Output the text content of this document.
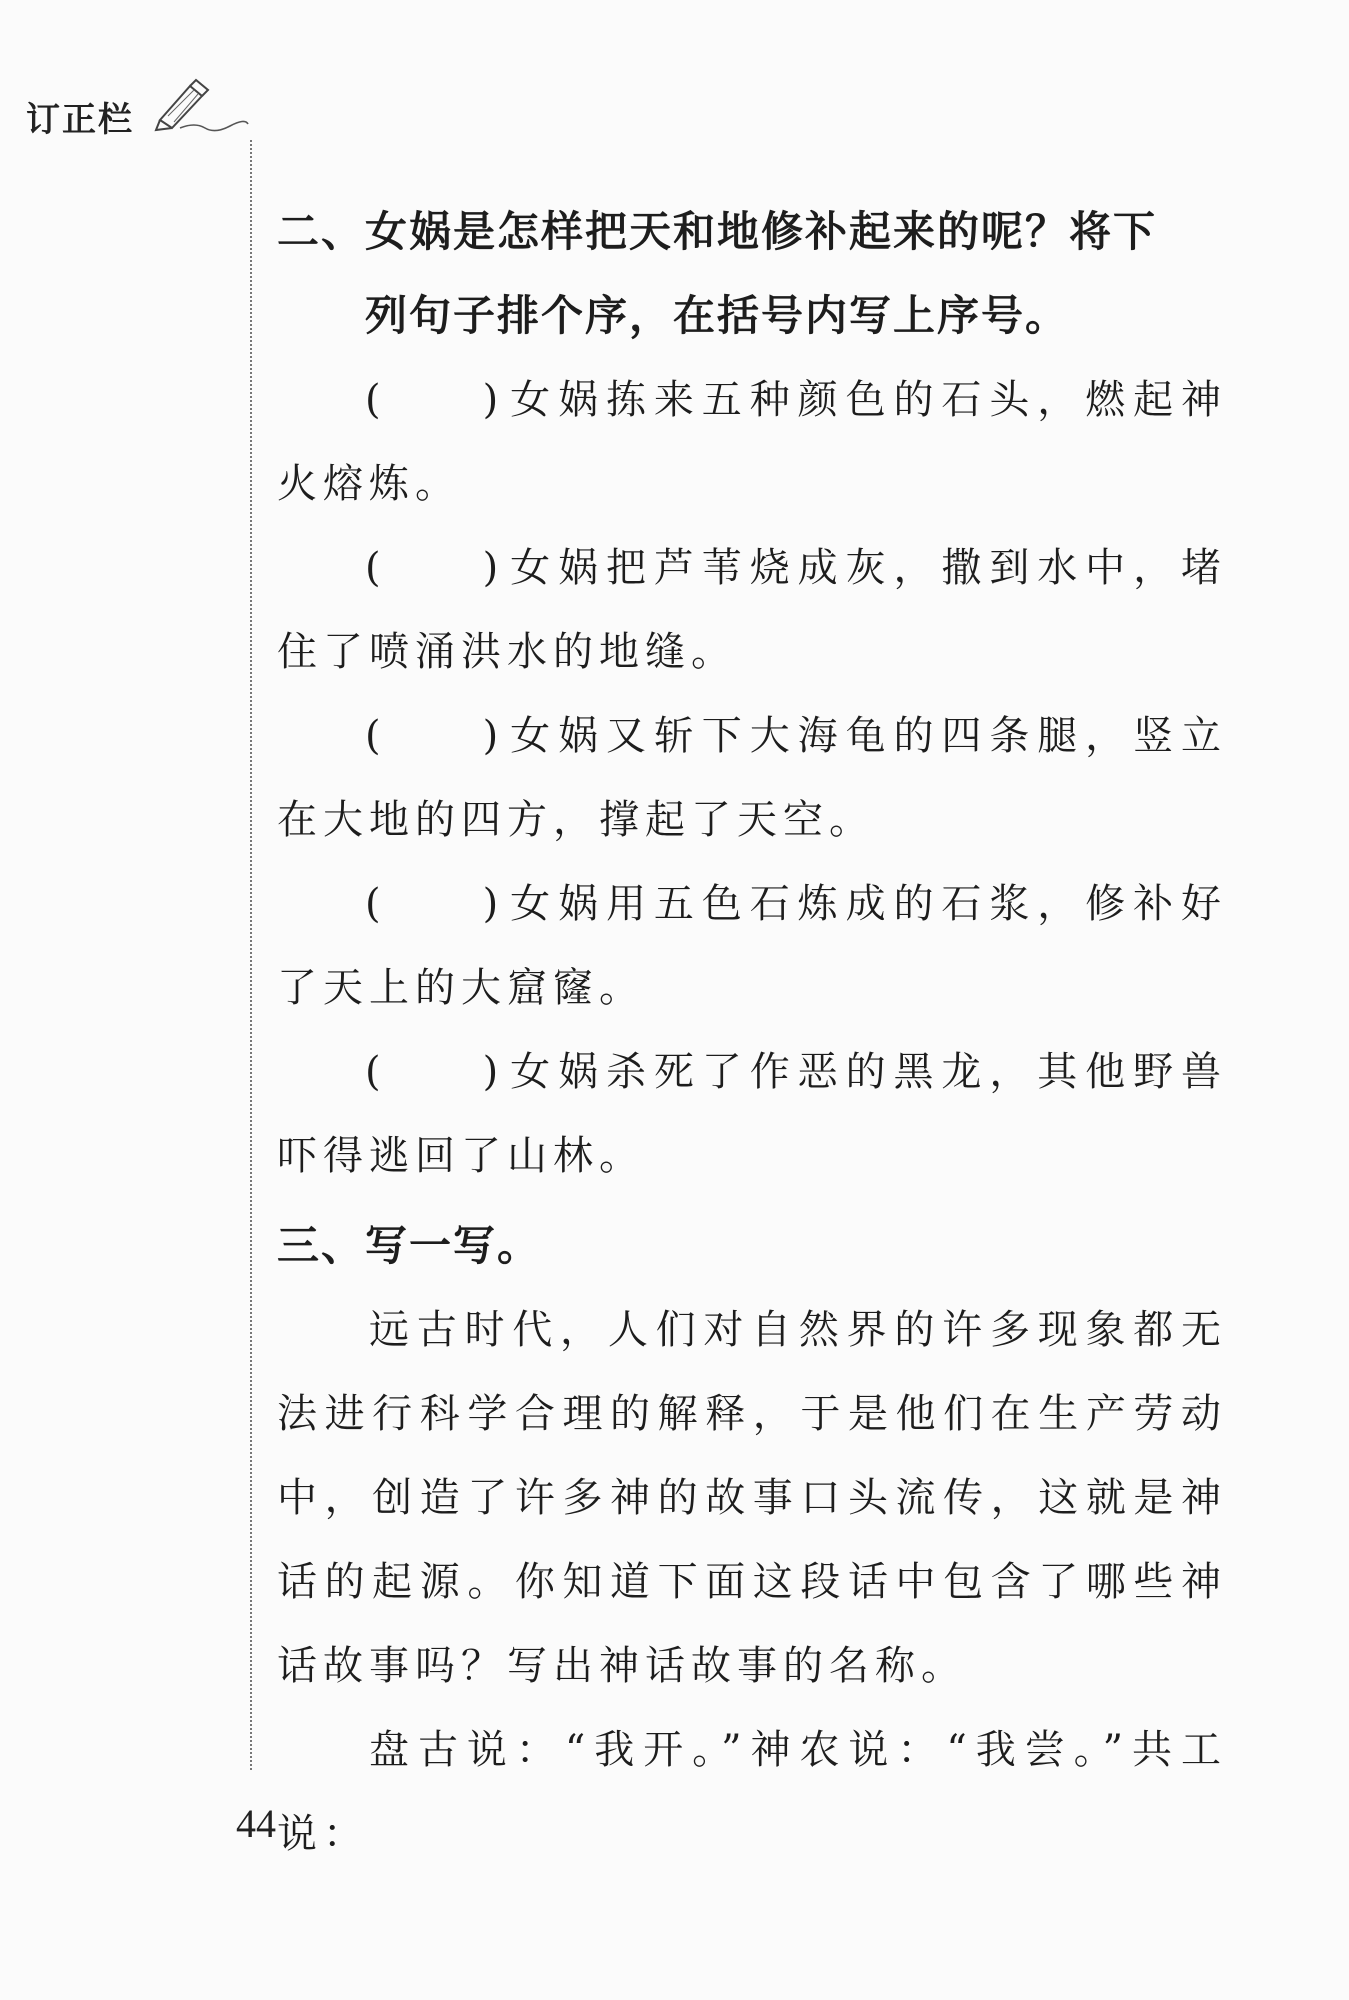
订正栏
二、女娲是怎样把天和地修补起来的呢？将下
列句子排个序，在括号内写上序号。

( ) 女娲拣来五种颜色的石头，燃起神火熔炼。

( ) 女娲把芦苇烧成灰，撒到水中，堵住了喷涌洪水的地缝。

( ) 女娲又斩下大海龟的四条腿，竖立在大地的四方，撑起了天空。

( ) 女娲用五色石炼成的石浆，修补好了天上的大窟窿。

( ) 女娲杀死了作恶的黑龙，其他野兽吓得逃回了山林。

三、写一写。

远古时代，人们对自然界的许多现象都无法进行科学合理的解释，于是他们在生产劳动中，创造了许多神的故事口头流传，这就是神话的起源。你知道下面这段话中包含了哪些神话故事吗？写出神话故事的名称。

盘古说：“我开。”神农说：“我尝。”共工说：

44
